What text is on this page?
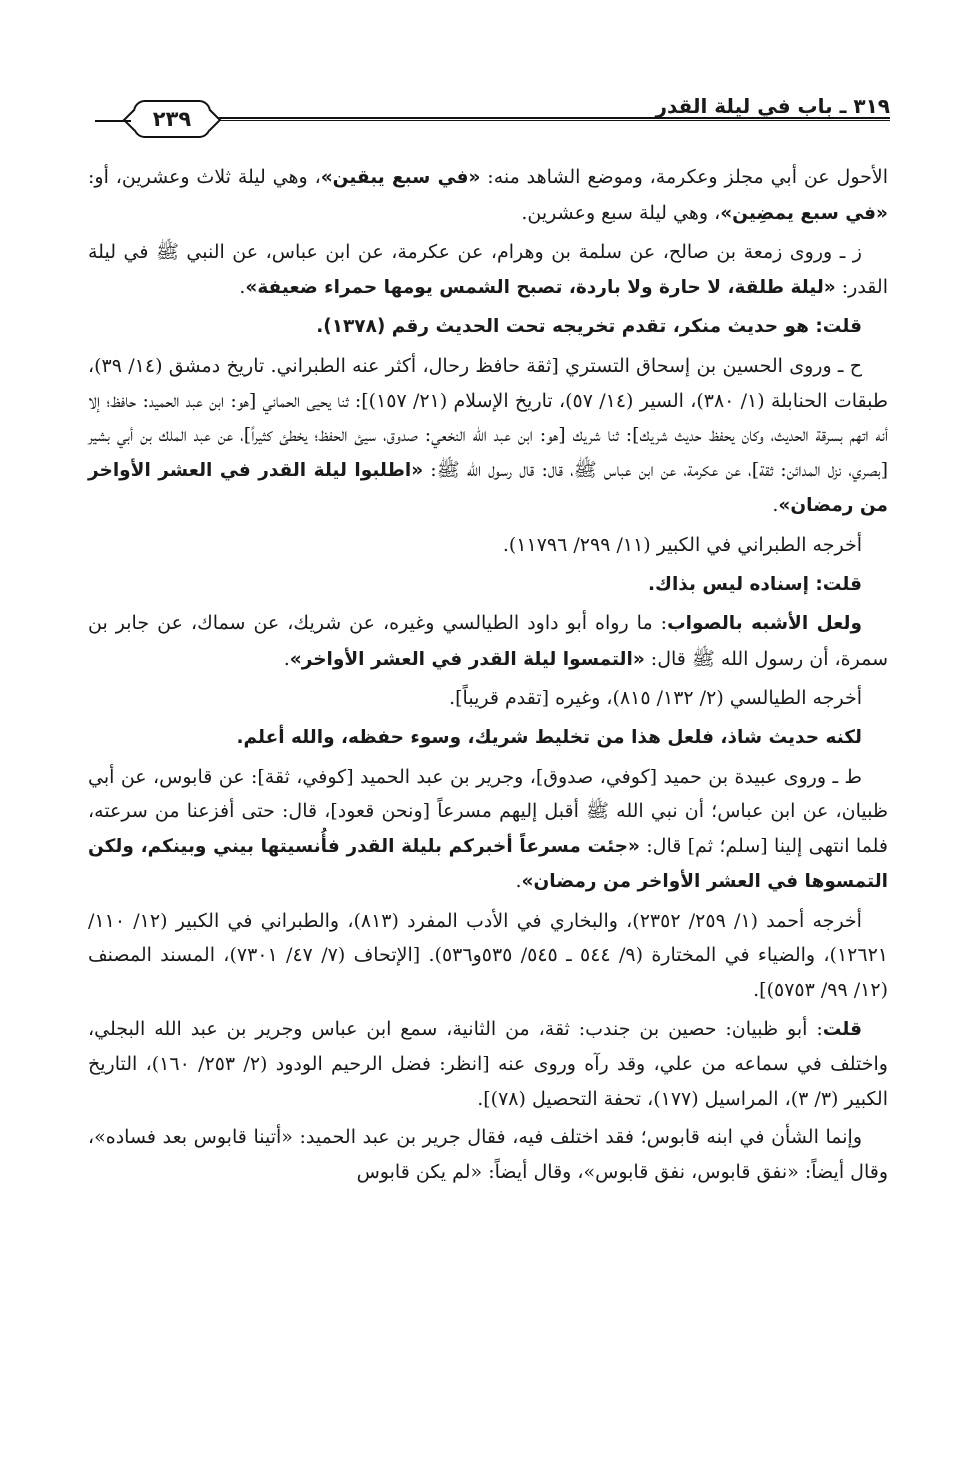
٣١٩ ـ باب في ليلة القدر
٢٣٩

الأحول عن أبي مجلز وعكرمة، وموضع الشاهد منه: «في سبع يبقين»، وهي ليلة ثلاث وعشرين، أو: «في سبع يمضِين»، وهي ليلة سبع وعشرين.

ز ـ وروى زمعة بن صالح، عن سلمة بن وهرام، عن عكرمة، عن ابن عباس، عن النبي ﷺ في ليلة القدر: «ليلة طلقة، لا حارة ولا باردة، تصبح الشمس يومها حمراء ضعيفة».

قلت: هو حديث منكر، تقدم تخريجه تحت الحديث رقم (١٣٧٨).

ح ـ وروى الحسين بن إسحاق التستري [ثقة حافظ رحال، أكثر عنه الطبراني. تاريخ دمشق (١٤/ ٣٩)، طبقات الحنابلة (١/ ٣٨٠)، السير (١٤/ ٥٧)، تاريخ الإسلام (٢١/ ١٥٧)]: ثنا يحيى الحماني [هو: ابن عبد الحميد: حافظ؛ إلا أنه اتهم بسرقة الحديث، وكان يحفظ حديث شريك]: ثنا شريك [هو: ابن عبد الله النخعي: صدوق، سيئ الحفظ؛ يخطئ كثيراً]، عن عبد الملك بن أبي بشير [بصري، نزل المدائن: ثقة]، عن عكرمة، عن ابن عباس ﷺ، قال: قال رسول الله ﷺ: «اطلبوا ليلة القدر في العشر الأواخر من رمضان».

أخرجه الطبراني في الكبير (١١/ ٢٩٩/ ١١٧٩٦).

قلت: إسناده ليس بذاك.

ولعل الأشبه بالصواب: ما رواه أبو داود الطيالسي وغيره، عن شريك، عن سماك، عن جابر بن سمرة، أن رسول الله ﷺ قال: «التمسوا ليلة القدر في العشر الأواخر».

أخرجه الطيالسي (٢/ ١٣٢/ ٨١٥)، وغيره [تقدم قريباً].

لكنه حديث شاذ، فلعل هذا من تخليط شريك، وسوء حفظه، والله أعلم.

ط ـ وروى عبيدة بن حميد [كوفي، صدوق]، وجرير بن عبد الحميد [كوفي، ثقة]: عن قابوس، عن أبي ظبيان، عن ابن عباس؛ أن نبي الله ﷺ أقبل إليهم مسرعاً [ونحن قعود]، قال: حتى أفزعنا من سرعته، فلما انتهى إلينا [سلم؛ ثم] قال: «جئت مسرعاً أخبركم بليلة القدر فأُنسيتها بيني وبينكم، ولكن التمسوها في العشر الأواخر من رمضان».

أخرجه أحمد (١/ ٢٥٩/ ٢٣٥٢)، والبخاري في الأدب المفرد (٨١٣)، والطبراني في الكبير (١٢/ ١١٠/ ١٢٦٢١)، والضياء في المختارة (٩/ ٥٤٤ ـ ٥٤٥/ ٥٣٥و٥٣٦). [الإتحاف (٧/ ٤٧/ ٧٣٠١)، المسند المصنف (١٢/ ٩٩/ ٥٧٥٣)].

قلت: أبو ظبيان: حصين بن جندب: ثقة، من الثانية، سمع ابن عباس وجرير بن عبد الله البجلي، واختلف في سماعه من علي، وقد رآه وروى عنه [انظر: فضل الرحيم الودود (٢/ ٢٥٣/ ١٦٠)، التاريخ الكبير (٣/ ٣)، المراسيل (١٧٧)، تحفة التحصيل (٧٨)].

وإنما الشأن في ابنه قابوس؛ فقد اختلف فيه، فقال جرير بن عبد الحميد: «أتينا قابوس بعد فساده»، وقال أيضاً: «نفق قابوس، نفق قابوس»، وقال أيضاً: «لم يكن قابوس
